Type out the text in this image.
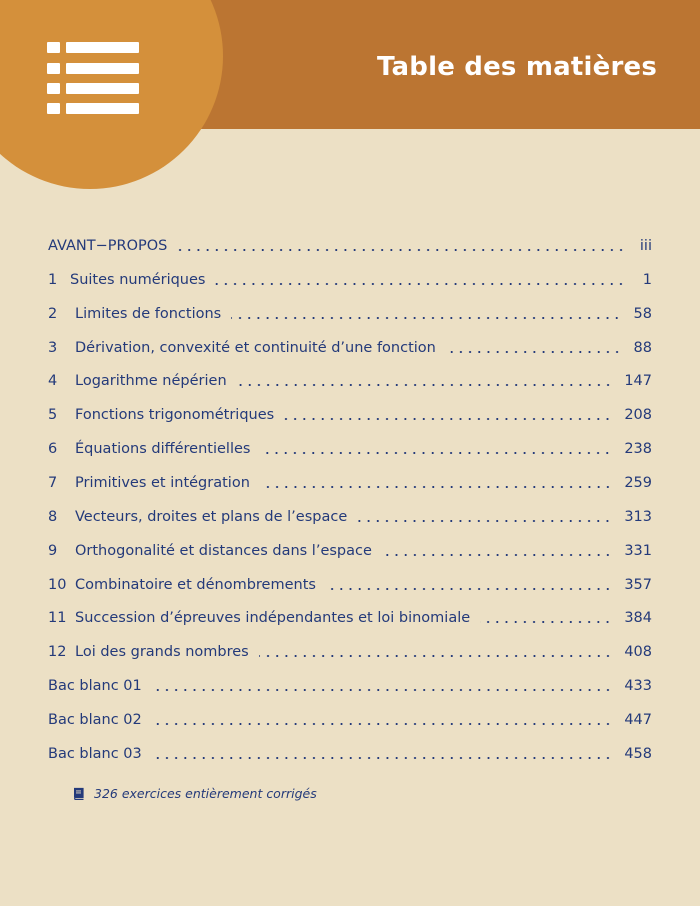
Table des matières
AVANT−PROPOS	iii
1 Suites numériques	1
2	Limites de fonctions	58
3	Dérivation, convexité et continuité d’une fonction	88
4	Logarithme népérien	147
5	Fonctions trigonométriques	208
6	Équations différentielles	238
7	Primitives et intégration	259
8	Vecteurs, droites et plans de l’espace	313
9	Orthogonalité et distances dans l’espace	331
10 Combinatoire et dénombrements	357
11 Succession d’épreuves indépendantes et loi binomiale	384
12 Loi des grands nombres	408
Bac blanc 01	433
Bac blanc 02	447
Bac blanc 03	458
326 exercices entièrement corrigés
